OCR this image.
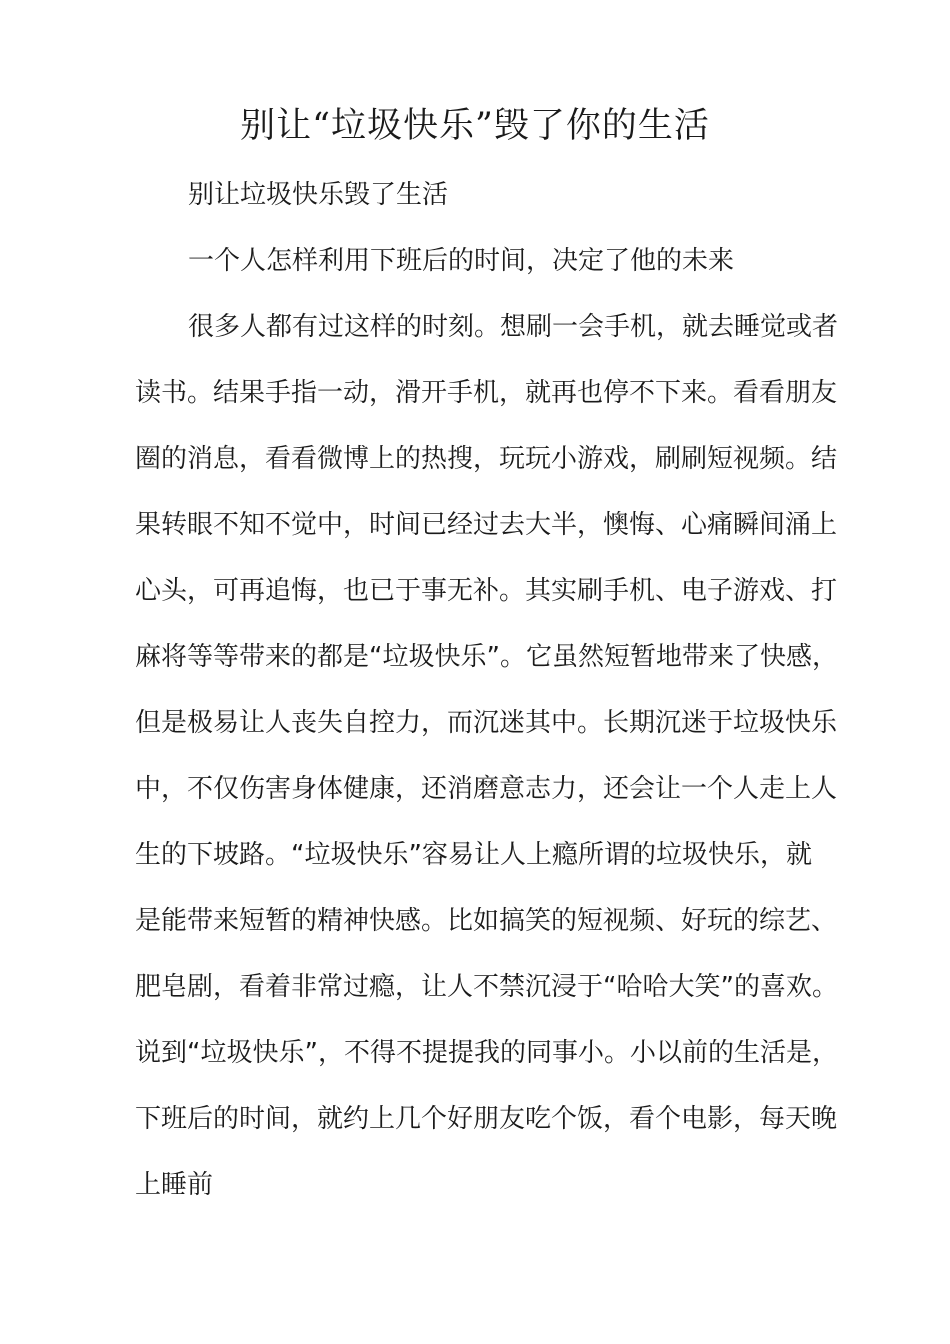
别让“垃圾快乐”毁了你的生活

别让垃圾快乐毁了生活

一个人怎样利用下班后的时间，决定了他的未来

很多人都有过这样的时刻。想刷一会手机，就去睡觉或者

读书。结果手指一动，滑开手机，就再也停不下来。看看朋友

圈的消息，看看微博上的热搜，玩玩小游戏，刷刷短视频。结

果转眼不知不觉中，时间已经过去大半，懊悔、心痛瞬间涌上

心头，可再追悔，也已于事无补。其实刷手机、电子游戏、打

麻将等等带来的都是“垃圾快乐”。它虽然短暂地带来了快感，

但是极易让人丧失自控力，而沉迷其中。长期沉迷于垃圾快乐

中，不仅伤害身体健康，还消磨意志力，还会让一个人走上人

生的下坡路。“垃圾快乐”容易让人上瘾所谓的垃圾快乐，就

是能带来短暂的精神快感。比如搞笑的短视频、好玩的综艺、

肥皂剧，看着非常过瘾，让人不禁沉浸于“哈哈大笑”的喜欢。

说到“垃圾快乐”，不得不提提我的同事小。小以前的生活是，

下班后的时间，就约上几个好朋友吃个饭，看个电影，每天晚

上睡前
